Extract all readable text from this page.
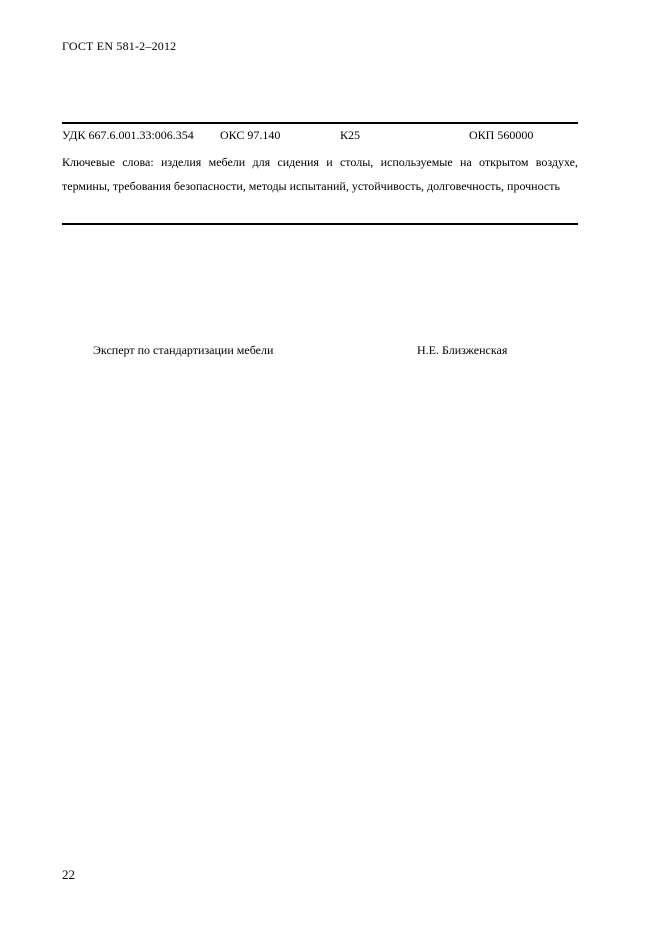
ГОСТ EN 581-2–2012
УДК 667.6.001.33:006.354 ОКС 97.140	К25	ОКП 560000
Ключевые слова: изделия мебели для сидения и столы, используемые на открытом воздухе, термины, требования безопасности, методы испытаний, устойчивость, долговечность, прочность
Эксперт по стандартизации мебели	Н.Е. Близженская
22
